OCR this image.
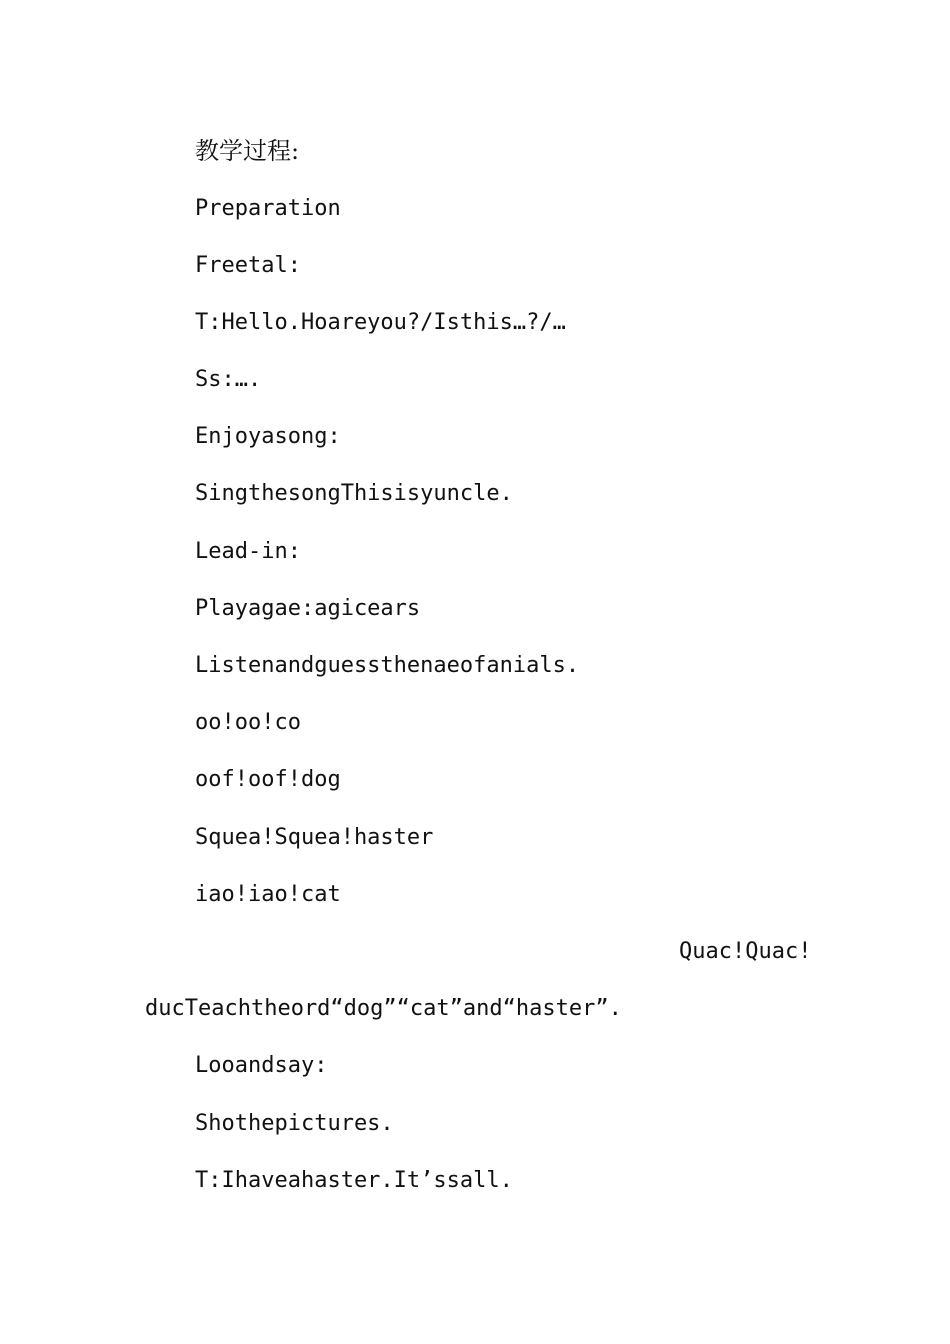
教学过程:
Preparation
Freetal:
T:Hello.Hoareyou?/Isthis…?/…
Ss:….
Enjoyasong:
SingthesongThisisyuncle.
Lead-in:
Playagae:agicears
Listenandguessthenaeofanials.
oo!oo!co
oof!oof!dog
Squea!Squea!haster
iao!iao!cat
Quac!Quac!
ducTeachtheord“dog”“cat”and“haster”.
Looandsay:
Shothepictures.
T:Ihaveahaster.It’ssall.
